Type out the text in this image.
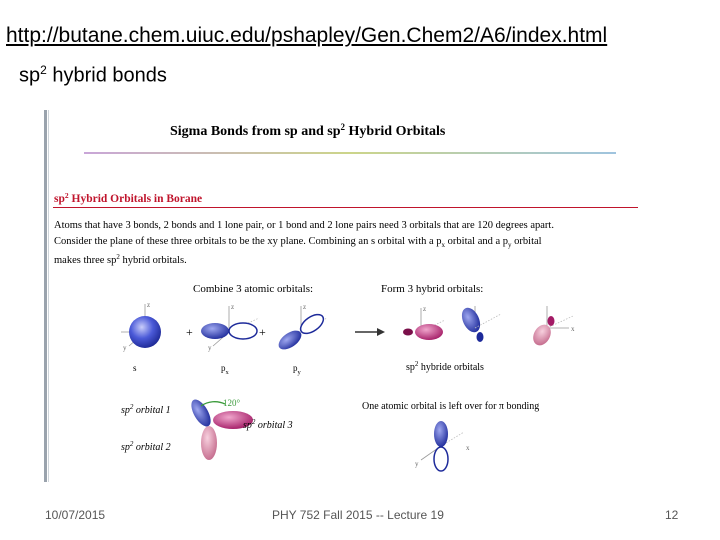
http://butane.chem.uiuc.edu/pshapley/Gen.Chem2/A6/index.html
$sp^2$ hybrid bonds
Sigma Bonds from sp and $sp^2$ Hybrid Orbitals
$sp^2$ Hybrid Orbitals in Borane
Atoms that have 3 bonds, 2 bonds and 1 lone pair, or 1 bond and 2 lone pairs need 3 orbitals that are 120 degrees apart.
Consider the plane of these three orbitals to be the xy plane. Combining an s orbital with a $p_x$ orbital and a $p_y$ orbital
makes three $sp^2$ hybrid orbitals.
Combine 3 atomic orbitals:	Form 3 hybrid orbitals:
z
y
s
+
z
y
$p_x$
+
z
$p_y$
z
x
$sp^2$ hybride orbitals
120°
$sp^2$ orbital 1
$sp^2$ orbital 3
$sp^2$ orbital 2
One atomic orbital is left over for π bonding
y
x
10/07/2015	PHY 752 Fall 2015 -- Lecture 19	12
